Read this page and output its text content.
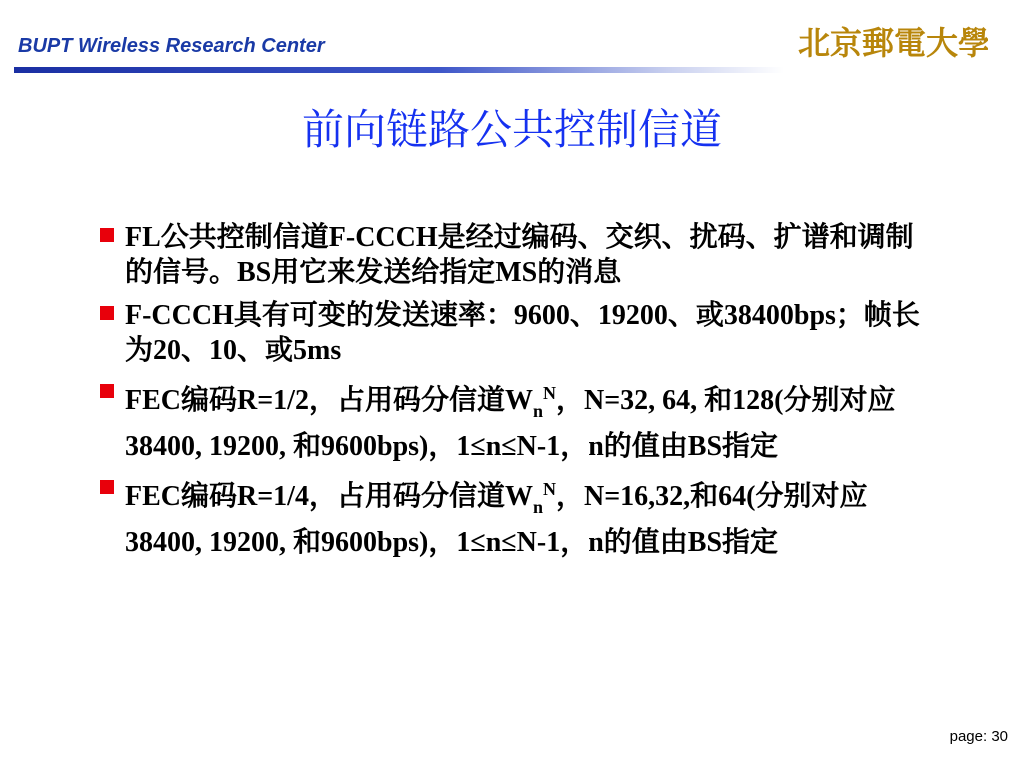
BUPT Wireless Research Center	北京郵電大學
前向链路公共控制信道
FL公共控制信道F-CCCH是经过编码、交织、扰码、扩谱和调制的信号。BS用它来发送给指定MS的消息
F-CCCH具有可变的发送速率：9600、19200、或38400bps；帧长为20、10、或5ms
FEC编码R=1/2，占用码分信道$W_n^N$，N=32, 64, 和128(分别对应38400, 19200, 和9600bps)，1≤n≤N-1，n的值由BS指定
FEC编码R=1/4，占用码分信道$W_n^N$，N=16,32,和64(分别对应38400, 19200, 和9600bps)，1≤n≤N-1，n的值由BS指定
page: 30
